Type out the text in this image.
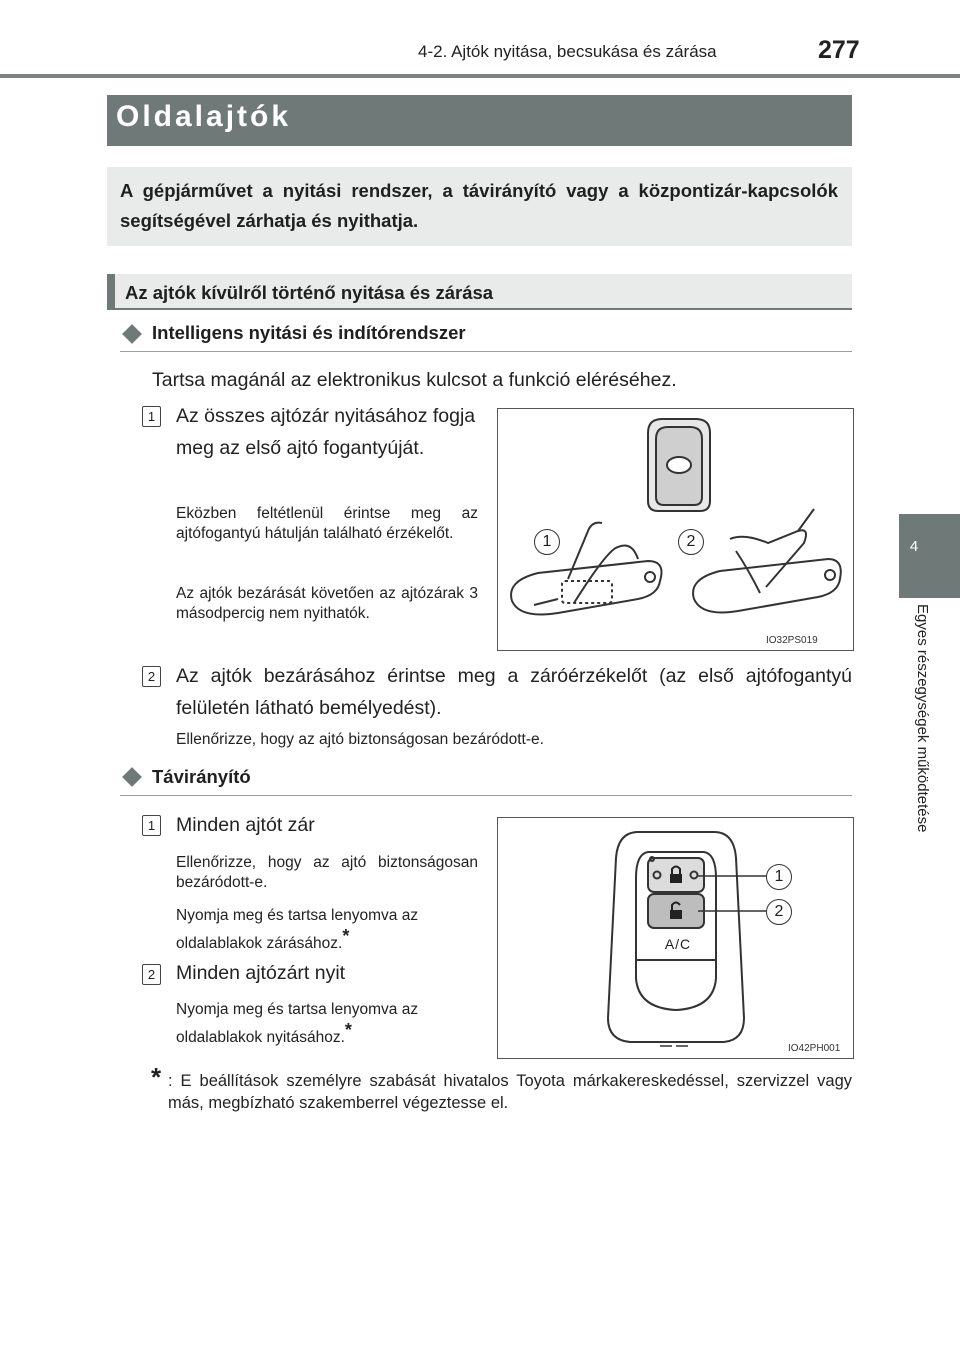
4-2. Ajtók nyitása, becsukása és zárása	277
4
Egyes részegységek működtetése
Oldalajtók
A gépjárművet a nyitási rendszer, a távirányító vagy a központizár-kapcsolók segítségével zárhatja és nyithatja.
Az ajtók kívülről történő nyitása és zárása
Intelligens nyitási és indítórendszer
Tartsa magánál az elektronikus kulcsot a funkció eléréséhez.
1	Az összes ajtózár nyitásához fogja meg az első ajtó fogantyúját.
Eközben feltétlenül érintse meg az ajtófogantyú hátulján található érzékelőt.
Az ajtók bezárását követően az ajtózárak 3 másodpercig nem nyithatók.
1	2
IO32PS019
2	Az ajtók bezárásához érintse meg a záróérzékelőt (az első ajtófogantyú felületén látható bemélyedést).
Ellenőrizze, hogy az ajtó biztonságosan bezáródott-e.
Távirányító
1	Minden ajtót zár
Ellenőrizze, hogy az ajtó biztonságosan bezáródott-e.
Nyomja meg és tartsa lenyomva az oldalablakok zárásához.*
2	Minden ajtózárt nyit
Nyomja meg és tartsa lenyomva az oldalablakok nyitásához.*
A/C
1
2
IO42PH001
* : E beállítások személyre szabását hivatalos Toyota márkakereskedéssel, szervizzel vagy más, megbízható szakemberrel végeztesse el.
